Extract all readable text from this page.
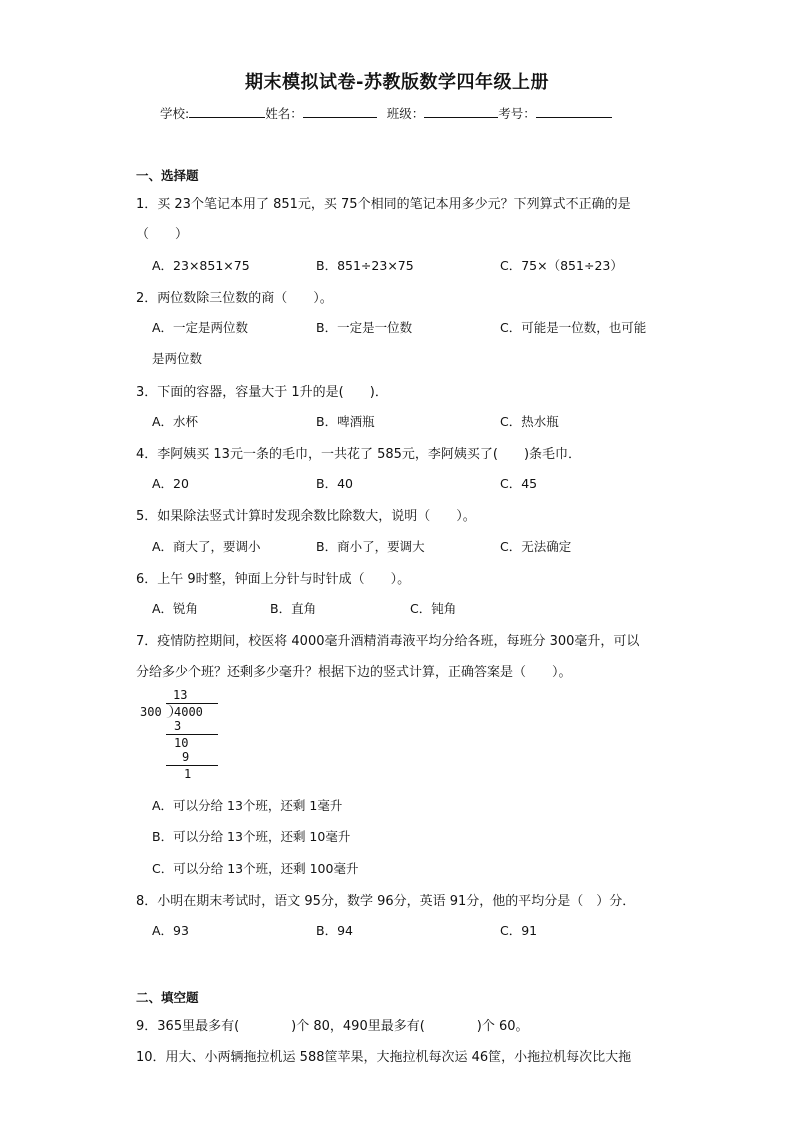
期末模拟试卷-苏教版数学四年级上册
学校:	姓名：	班级：	考号：
一、选择题
1．买 23个笔记本用了 851元，买 75个相同的笔记本用多少元？下列算式不正确的是
（　　）
A．23×851×75	B．851÷23×75	C．75×（851÷23）
2．两位数除三位数的商（　　）。
A．一定是两位数	B．一定是一位数	C．可能是一位数，也可能
是两位数
3．下面的容器，容量大于 1升的是(　　)．
A．水杯	B．啤酒瓶	C．热水瓶
4．李阿姨买 13元一条的毛巾，一共花了 585元，李阿姨买了(　　)条毛巾．
A．20	B．40	C．45
5．如果除法竖式计算时发现余数比除数大，说明（　　）。
A．商大了，要调小	B．商小了，要调大	C．无法确定
6．上午 9时整，钟面上分针与时针成（　　）。
A．锐角	B．直角	C．钝角
7．疫情防控期间，校医将 4000毫升酒精消毒液平均分给各班，每班分 300毫升，可以
分给多少个班？还剩多少毫升？根据下边的竖式计算，正确答案是（　　）。
13
300 4000
3
10
9
1
A．可以分给 13个班，还剩 1毫升
B．可以分给 13个班，还剩 10毫升
C．可以分给 13个班，还剩 100毫升
8．小明在期末考试时，语文 95分，数学 96分，英语 91分，他的平均分是（　）分．
A．93	B．94	C．91
二、填空题
9．365里最多有(　　　　)个 80，490里最多有(　　　　)个 60。
10．用大、小两辆拖拉机运 588筐苹果，大拖拉机每次运 46筐，小拖拉机每次比大拖
